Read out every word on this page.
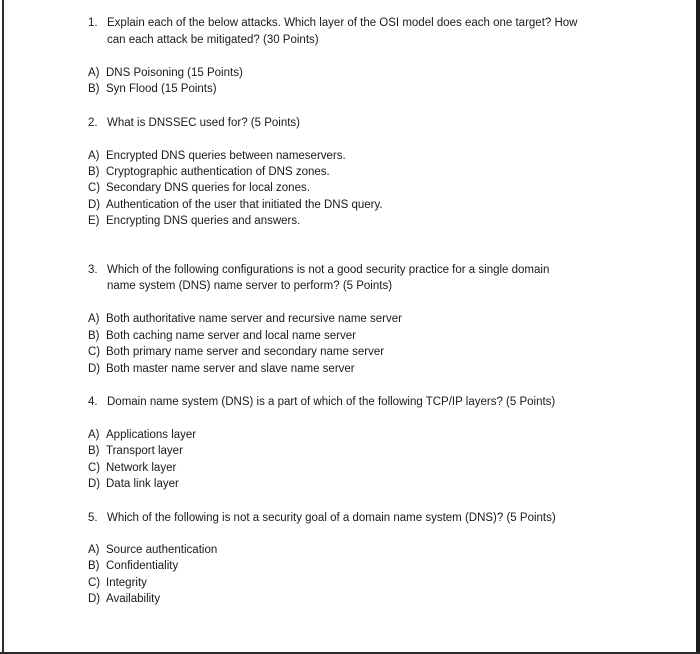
1. Explain each of the below attacks. Which layer of the OSI model does each one target? How
can each attack be mitigated? (30 Points)
A) DNS Poisoning (15 Points)
B) Syn Flood (15 Points)
2. What is DNSSEC used for? (5 Points)
A) Encrypted DNS queries between nameservers.
B) Cryptographic authentication of DNS zones.
C) Secondary DNS queries for local zones.
D) Authentication of the user that initiated the DNS query.
E) Encrypting DNS queries and answers.
3. Which of the following configurations is not a good security practice for a single domain
name system (DNS) name server to perform? (5 Points)
A) Both authoritative name server and recursive name server
B) Both caching name server and local name server
C) Both primary name server and secondary name server
D) Both master name server and slave name server
4. Domain name system (DNS) is a part of which of the following TCP/IP layers? (5 Points)
A) Applications layer
B) Transport layer
C) Network layer
D) Data link layer
5. Which of the following is not a security goal of a domain name system (DNS)? (5 Points)
A) Source authentication
B) Confidentiality
C) Integrity
D) Availability
